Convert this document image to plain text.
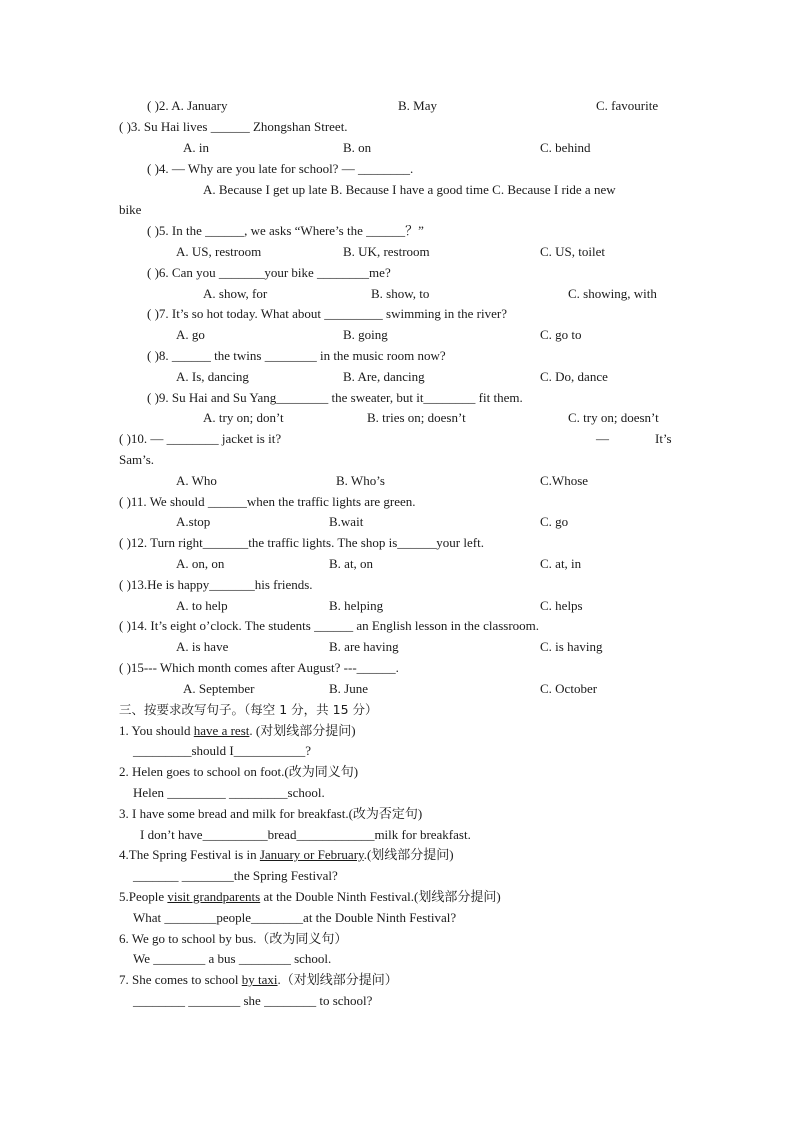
( )2. A. January	B. May	C. favourite
( )3. Su Hai lives ______ Zhongshan Street.
A. in	B. on	C. behind
( )4. — Why are you late for school? — ________.
A. Because I get up late B. Because I have a good time C. Because I ride a new
bike
( )5. In the ______, we asks “Where’s the ______？”
A. US, restroom	B. UK, restroom	C. US, toilet
( )6. Can you _______your bike ________me?
A. show, for	B. show, to	C. showing, with
( )7. It’s so hot today. What about _________ swimming in the river?
A. go	B. going	C. go to
( )8. ______ the twins ________ in the music room now?
A. Is, dancing	B. Are, dancing	C. Do, dance
( )9. Su Hai and Su Yang________ the sweater, but it________ fit them.
A. try on; don’t	B. tries on; doesn’t	C. try on; doesn’t
( )10. — ________ jacket is it?	—	It’s
Sam’s.
A. Who	B. Who’s	C.Whose
( )11. We should ______when the traffic lights are green.
A.stop	B.wait	C. go
( )12. Turn right_______the traffic lights. The shop is______your left.
A. on, on	B. at, on	C. at, in
( )13.He is happy_______his friends.
A. to help	B. helping	C. helps
( )14. It’s eight o’clock. The students ______ an English lesson in the classroom.
A. is have	B. are having	C. is having
( )15--- Which month comes after August? ---______.
A. September	B. June	C. October
三、按要求改写句子。（每空 1 分，共 15 分）
1. You should have a rest. (对划线部分提问)
_________should I___________?
2. Helen goes to school on foot.(改为同义句)
Helen _________ _________school.
3. I have some bread and milk for breakfast.(改为否定句)
I don’t have__________bread____________milk for breakfast.
4.The Spring Festival is in January or February.(划线部分提问)
_______ ________the Spring Festival?
5.People visit grandparents at the Double Ninth Festival.(划线部分提问)
What ________people________at the Double Ninth Festival?
6. We go to school by bus.（改为同义句）
We ________ a bus ________ school.
7. She comes to school by taxi.（对划线部分提问）
________ ________ she ________ to school?
